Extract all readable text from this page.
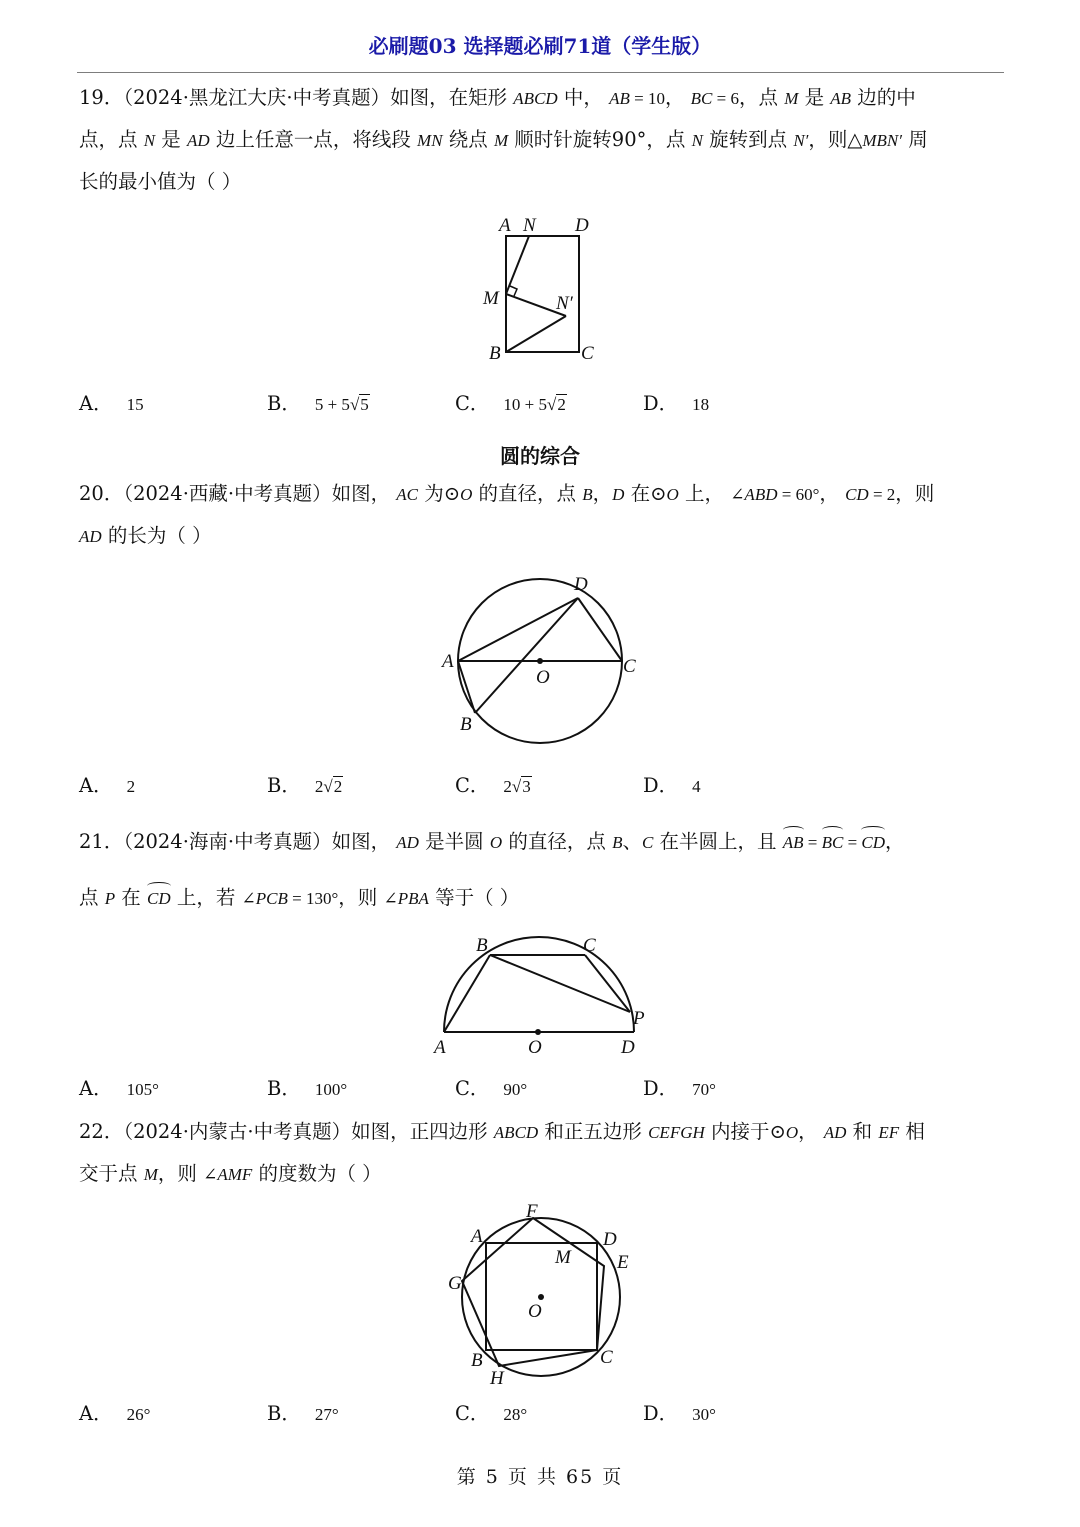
必刷题03 选择题必刷71道（学生版）
19．（2024·黑龙江大庆·中考真题）如图，在矩形 ABCD 中， AB = 10， BC = 6，点 M 是 AB 边的中
点，点 N 是 AD 边上任意一点，将线段 MN 绕点 M 顺时针旋转90°，点 N 旋转到点 N′，则△MBN′ 周
长的最小值为（ ）
A N D
M	N′
B	C
A． 15	B． 5 + 5√5	C． 10 + 5√2	D． 18
圆的综合
20．（2024·西藏·中考真题）如图， AC 为⊙O 的直径，点 B，D 在⊙O 上， ∠ABD = 60°， CD = 2，则
AD 的长为（ ）
D
A	C
O
B
A． 2	B． 2√2	C． 2√3	D． 4
21．（2024·海南·中考真题）如图， AD 是半圆 O 的直径，点 B、C 在半圆上，且 AB = BC = CD，
点 P 在 CD 上，若 ∠PCB = 130°，则 ∠PBA 等于（ ）
B	C
P
A	O	D
A． 105°	B． 100°	C． 90°	D． 70°
22．（2024·内蒙古·中考真题）如图，正四边形 ABCD 和正五边形 CEFGH 内接于⊙O， AD 和 EF 相
交于点 M，则 ∠AMF 的度数为（ ）
F
A	D
E
M
G
O
B	C
H
A． 26°	B． 27°	C． 28°	D． 30°
第 5 页 共 65 页
